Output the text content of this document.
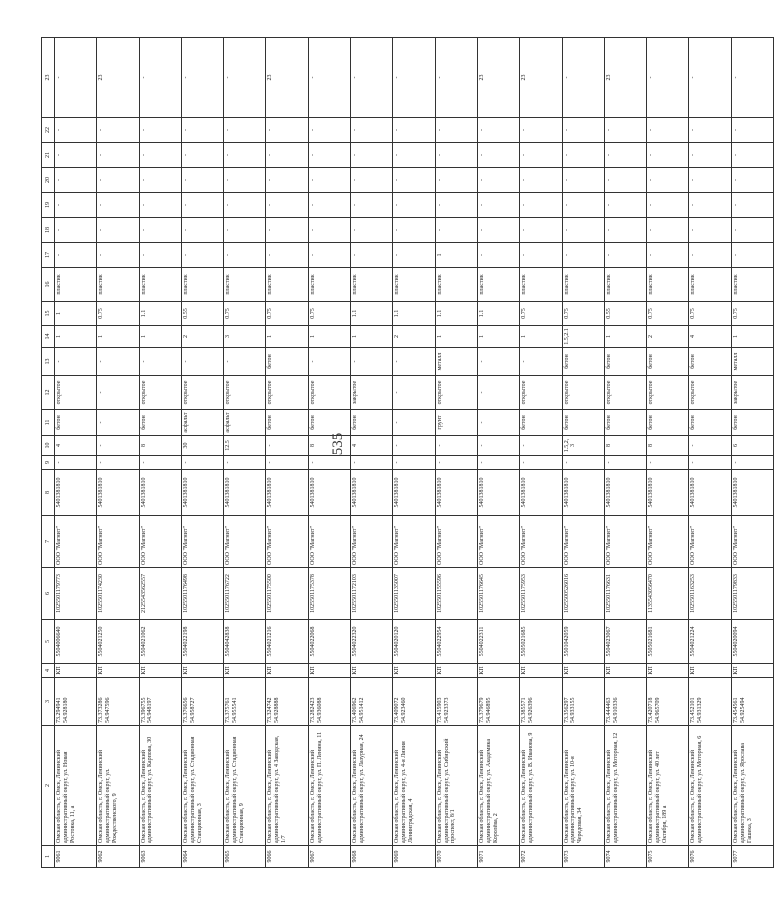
535
1	2	3	4	5	6	7	8	9	10	11	12	13	14	15	16	17	18	19	20	21	22	23
9061	Омская область, г. Омск, Ленинский административный округ, ул. Новая Ростовка, 11, а	73.294941 54.928180	КП	5504006640	1025501179773	ООО "Магнит"	5401381810	-	4	бетон	открытое	-	1	1	пластик	-	-	-	-	-	-	-
9062	Омская область, г. Омск, Ленинский административный округ, ул. Рождественского, 9	73.373286 54.947596	КП	5504021250	1025501174230	ООО "Магнит"	5401381810	-	-	-	-	-	1	0.75	пластик	-	-	-	-	-	-	23
9063	Омская область, г. Омск, Ленинский административный округ, ул. Карпова, 30	73.396755 54.948197	КП	5504021062	2125543562557	ООО "Магнит"	5401381810	-	8	бетон	открытое	-	1	1.1	пластик	-	-	-	-	-	-	-
9064	Омская область, г. Омск, Ленинский административный округ, ул. Стадионная Станционная, 3	73.376656 54.958727	КП	5504022198	1025501176498	ООО "Магнит"	5401381810	-	30	асфальт	открытое	-	2	0.55	пластик	-	-	-	-	-	-	-
9065	Омская область, г. Омск, Ленинский административный округ, ул. Стадионная Станционная, 9	73.375761 54.955541	КП	5504042838	1025501176722	ООО "Магнит"	5401381810	-	12.5	асфальт	открытое	-	3	0.75	пластик	-	-	-	-	-	-	-
9066	Омская область, г. Омск, Ленинский административный округ, ул. 4 Заводская, 1/7	73.324742 54.928888	КП	5504021216	1025501175500	ООО "Магнит"	5401381810	-	-	бетон	открытое	бетон	1	0.75	пластик	-	-	-	-	-	-	23
9067	Омская область, г. Омск, Ленинский административный округ, ул. П. Ленина, 11	73.282423 54.936088	КП	5504022068	1025501175378	ООО "Магнит"	5401381810	-	8	бетон	открытое	-	1	0.75	пластик	-	-	-	-	-	-	-
9068	Омская область, г. Омск, Ленинский административный округ, ул. Лазурная, 24	73.406962 54.951412	КП	5504022320	1025501172103	ООО "Магнит"	5401381810	-	4	бетон	закрытое	-	1	1.1	пластик	-	-	-	-	-	-	-
9069	Омская область, г. Омск, Ленинский административный округ, ул. 4-я Линия Ленинградская, 4	73.409072 54.923460	КП	5504020120	1025501135007	ООО "Магнит"	5401381810	-	-	-	-	-	2	1.1	пластик	-	-	-	-	-	-	-
9070	Омская область, г. Омск, Ленинский административный округ, ул. Сибирский проспект, 8/1	73.415903 54.923373	КП	5504022954	1025501155596	ООО "Магнит"	5401381810	-	-	грунт	открытое	металл	1	1.1	пластик	1	-	-	-	-	-	-
9071	Омская область, г. Омск, Ленинский административный округ, ул. Академика Королёва, 2	73.379679 54.946895	КП	5504022311	1025501176645	ООО "Магнит"	5401381810	-	-	-	-	-	1	1.1	пластик	-	-	-	-	-	-	23
9072	Омская область, г. Омск, Ленинский административный округ, ул. В. Иванова, 9	73.385571 54.926396	КП	5505021685	1025501175953	ООО "Магнит"	5401381810	-	-	бетон	открытое	-	1	0.75	пластик	-	-	-	-	-	-	23
9073	Омская область, г. Омск, Ленинский административный округ, ул. 10-я Чередовая, 34	73.356297 54.933155	КП	5501042059	1025500526016	ООО "Магнит"	5401381810	-	1.5,2,3	бетон	открытое	бетон	1.5,2.1	0.75	пластик	-	-	-	-	-	-	-
9074	Омская область, г. Омск, Ленинский административный округ, ул. Моторная, 12	73.444463 54.910336	КП	5504023067	1025501176631	ООО "Магнит"	5401381810	-	8	бетон	открытое	бетон	1	0.55	пластик	-	-	-	-	-	-	23
9075	Омская область, г. Омск, Ленинский административный округ, ул. 40 лет Октября, 189 а	73.420718 54.965709	КП	5505021681	1135543056470	ООО "Магнит"	5401381810	-	8	бетон	открытое	бетон	2	0.75	пластик	-	-	-	-	-	-	-
9076	Омская область, г. Омск, Ленинский административный округ, ул. Моторная, 6	73.452101 54.931329	КП	5504021224	1025501163253	ООО "Магнит"	5401381810	-	-	бетон	открытое	бетон	4	0.75	пластик	-	-	-	-	-	-	-
9077	Омская область, г. Омск, Ленинский административный округ, ул. Ярослава Гашека, 3	73.454561 54.925494	КП	5504020094	1025501179833	ООО "Магнит"	5401381810	-	6	бетон	закрытое	металл	1	0.75	пластик	-	-	-	-	-	-	-
